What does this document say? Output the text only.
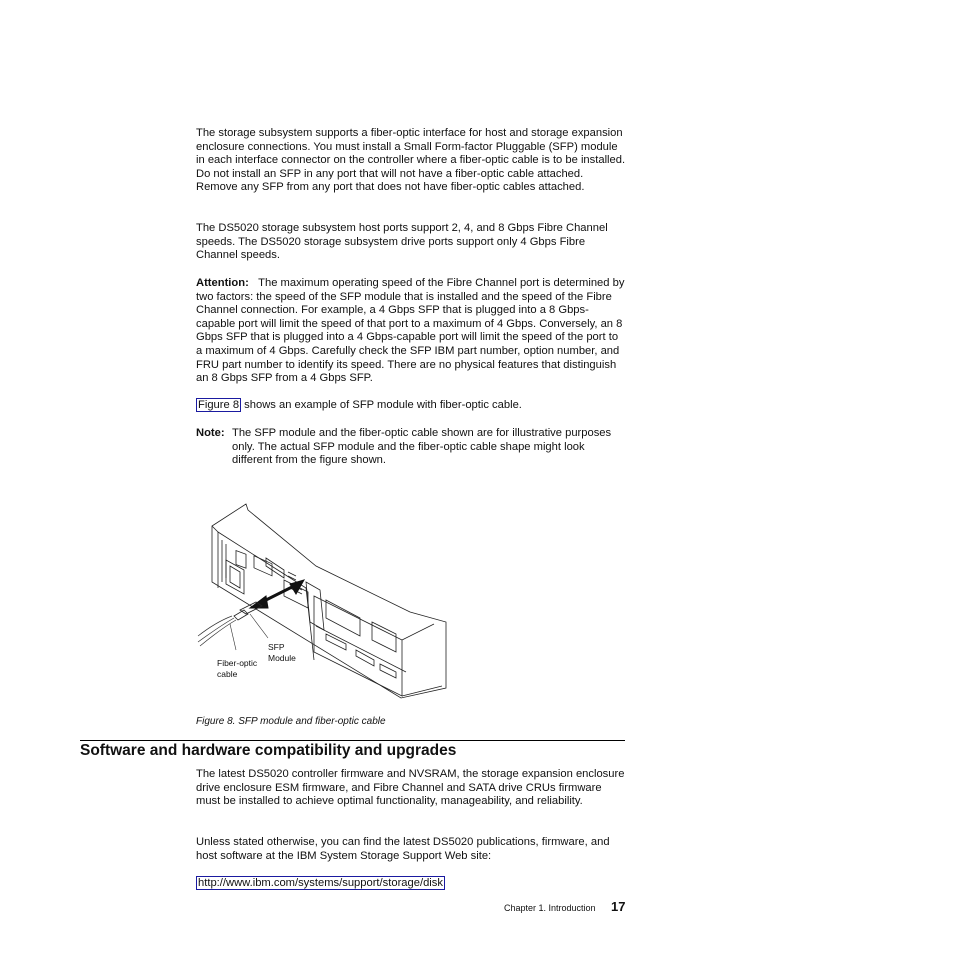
The storage subsystem supports a fiber-optic interface for host and storage expansion enclosure connections. You must install a Small Form-factor Pluggable (SFP) module in each interface connector on the controller where a fiber-optic cable is to be installed. Do not install an SFP in any port that will not have a fiber-optic cable attached. Remove any SFP from any port that does not have fiber-optic cables attached.

The DS5020 storage subsystem host ports support 2, 4, and 8 Gbps Fibre Channel speeds. The DS5020 storage subsystem drive ports support only 4 Gbps Fibre Channel speeds.

Attention: The maximum operating speed of the Fibre Channel port is determined by two factors: the speed of the SFP module that is installed and the speed of the Fibre Channel connection. For example, a 4 Gbps SFP that is plugged into a 8 Gbps-capable port will limit the speed of that port to a maximum of 4 Gbps. Conversely, an 8 Gbps SFP that is plugged into a 4 Gbps-capable port will limit the speed of the port to a maximum of 4 Gbps. Carefully check the SFP IBM part number, option number, and FRU part number to identify its speed. There are no physical features that distinguish an 8 Gbps SFP from a 4 Gbps SFP.

Figure 8 shows an example of SFP module with fiber-optic cable.

Note: The SFP module and the fiber-optic cable shown are for illustrative purposes only. The actual SFP module and the fiber-optic cable shape might look different from the figure shown.
SFP
Module
Fiber-optic
cable
Figure 8. SFP module and fiber-optic cable
Software and hardware compatibility and upgrades

The latest DS5020 controller firmware and NVSRAM, the storage expansion enclosure drive enclosure ESM firmware, and Fibre Channel and SATA drive CRUs firmware must be installed to achieve optimal functionality, manageability, and reliability.

Unless stated otherwise, you can find the latest DS5020 publications, firmware, and host software at the IBM System Storage Support Web site:

http://www.ibm.com/systems/support/storage/disk

Chapter 1. Introduction 17
